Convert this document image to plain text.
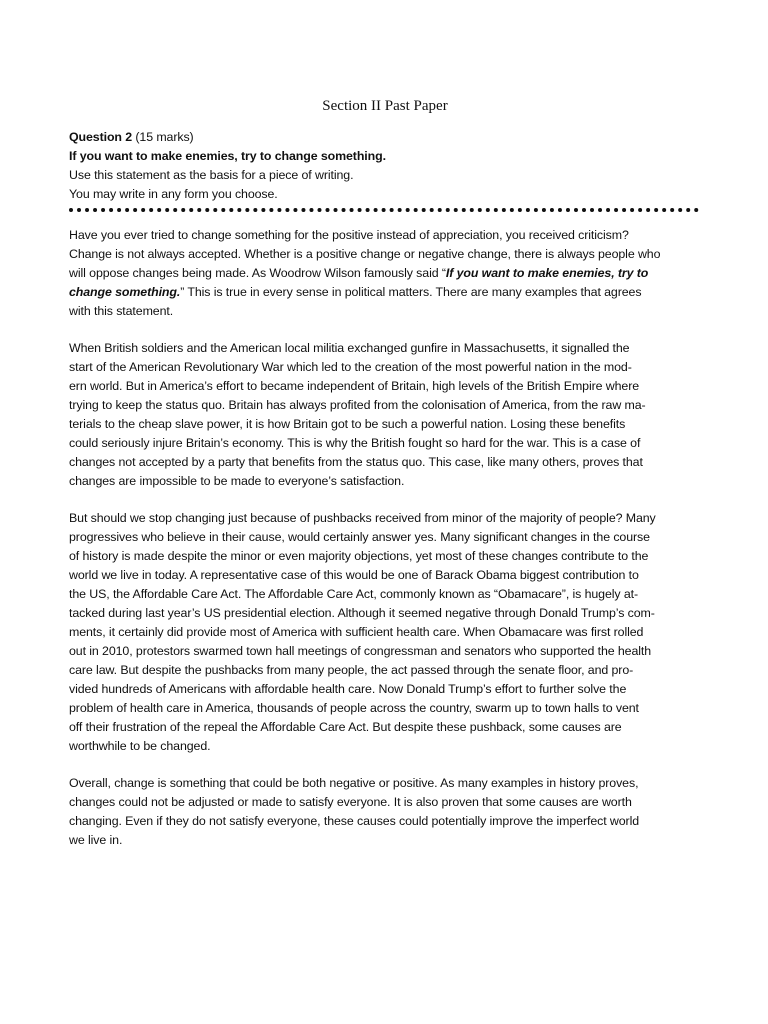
Section II Past Paper
Question 2 (15 marks)
If you want to make enemies, try to change something.
Use this statement as the basis for a piece of writing.
You may write in any form you choose.
Have you ever tried to change something for the positive instead of appreciation, you received criticism?
Change is not always accepted. Whether is a positive change or negative change, there is always people who
will oppose changes being made. As Woodrow Wilson famously said “If you want to make enemies, try to
change something.” This is true in every sense in political matters. There are many examples that agrees
with this statement.
When British soldiers and the American local militia exchanged gunfire in Massachusetts, it signalled the
start of the American Revolutionary War which led to the creation of the most powerful nation in the mod-
ern world. But in America’s effort to became independent of Britain, high levels of the British Empire where
trying to keep the status quo. Britain has always profited from the colonisation of America, from the raw ma-
terials to the cheap slave power, it is how Britain got to be such a powerful nation. Losing these benefits
could seriously injure Britain’s economy. This is why the British fought so hard for the war. This is a case of
changes not accepted by a party that benefits from the status quo. This case, like many others, proves that
changes are impossible to be made to everyone’s satisfaction.
But should we stop changing just because of pushbacks received from minor of the majority of people? Many
progressives who believe in their cause, would certainly answer yes. Many significant changes in the course
of history is made despite the minor or even majority objections, yet most of these changes contribute to the
world we live in today. A representative case of this would be one of Barack Obama biggest contribution to
the US, the Affordable Care Act. The Affordable Care Act, commonly known as “Obamacare”, is hugely at-
tacked during last year’s US presidential election. Although it seemed negative through Donald Trump’s com-
ments, it certainly did provide most of America with sufficient health care. When Obamacare was first rolled
out in 2010, protestors swarmed town hall meetings of congressman and senators who supported the health
care law. But despite the pushbacks from many people, the act passed through the senate floor, and pro-
vided hundreds of Americans with affordable health care. Now Donald Trump’s effort to further solve the
problem of health care in America, thousands of people across the country, swarm up to town halls to vent
off their frustration of the repeal the Affordable Care Act. But despite these pushback, some causes are
worthwhile to be changed.
Overall, change is something that could be both negative or positive. As many examples in history proves,
changes could not be adjusted or made to satisfy everyone. It is also proven that some causes are worth
changing. Even if they do not satisfy everyone, these causes could potentially improve the imperfect world
we live in.
